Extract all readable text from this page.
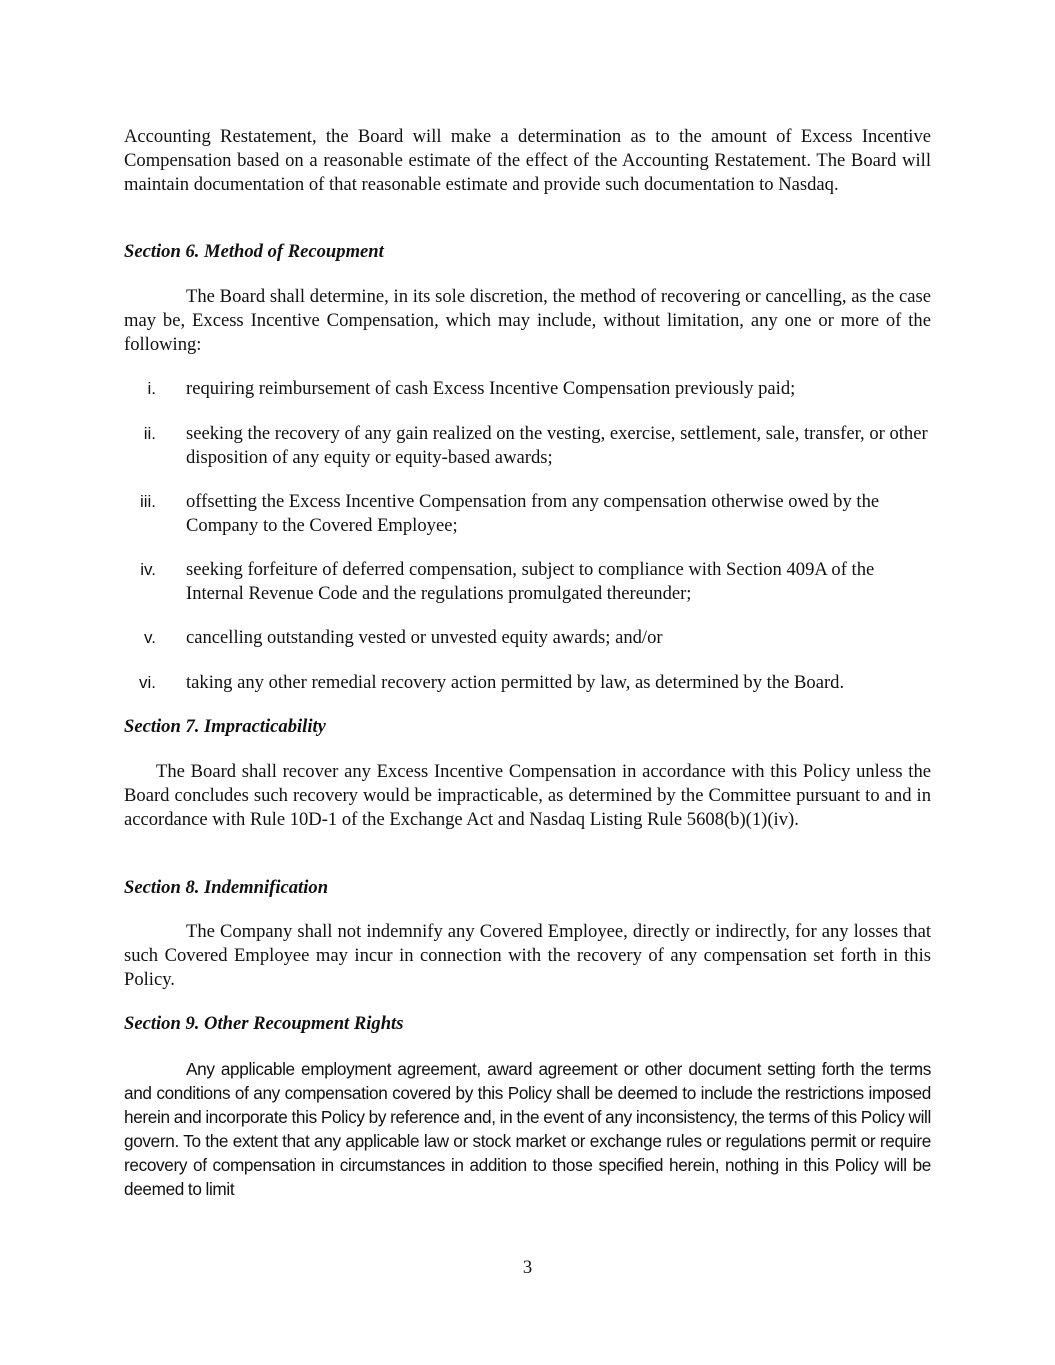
Accounting Restatement, the Board will make a determination as to the amount of Excess Incentive Compensation based on a reasonable estimate of the effect of the Accounting Restatement. The Board will maintain documentation of that reasonable estimate and provide such documentation to Nasdaq.

Section 6. Method of Recoupment

The Board shall determine, in its sole discretion, the method of recovering or cancelling, as the case may be, Excess Incentive Compensation, which may include, without limitation, any one or more of the following:

i. requiring reimbursement of cash Excess Incentive Compensation previously paid;
ii. seeking the recovery of any gain realized on the vesting, exercise, settlement, sale, transfer, or other disposition of any equity or equity-based awards;
iii. offsetting the Excess Incentive Compensation from any compensation otherwise owed by the Company to the Covered Employee;
iv. seeking forfeiture of deferred compensation, subject to compliance with Section 409A of the Internal Revenue Code and the regulations promulgated thereunder;
v. cancelling outstanding vested or unvested equity awards; and/or
vi. taking any other remedial recovery action permitted by law, as determined by the Board.

Section 7. Impracticability

The Board shall recover any Excess Incentive Compensation in accordance with this Policy unless the Board concludes such recovery would be impracticable, as determined by the Committee pursuant to and in accordance with Rule 10D-1 of the Exchange Act and Nasdaq Listing Rule 5608(b)(1)(iv).

Section 8. Indemnification

The Company shall not indemnify any Covered Employee, directly or indirectly, for any losses that such Covered Employee may incur in connection with the recovery of any compensation set forth in this Policy.

Section 9. Other Recoupment Rights

Any applicable employment agreement, award agreement or other document setting forth the terms and conditions of any compensation covered by this Policy shall be deemed to include the restrictions imposed herein and incorporate this Policy by reference and, in the event of any inconsistency, the terms of this Policy will govern. To the extent that any applicable law or stock market or exchange rules or regulations permit or require recovery of compensation in circumstances in addition to those specified herein, nothing in this Policy will be deemed to limit

3
